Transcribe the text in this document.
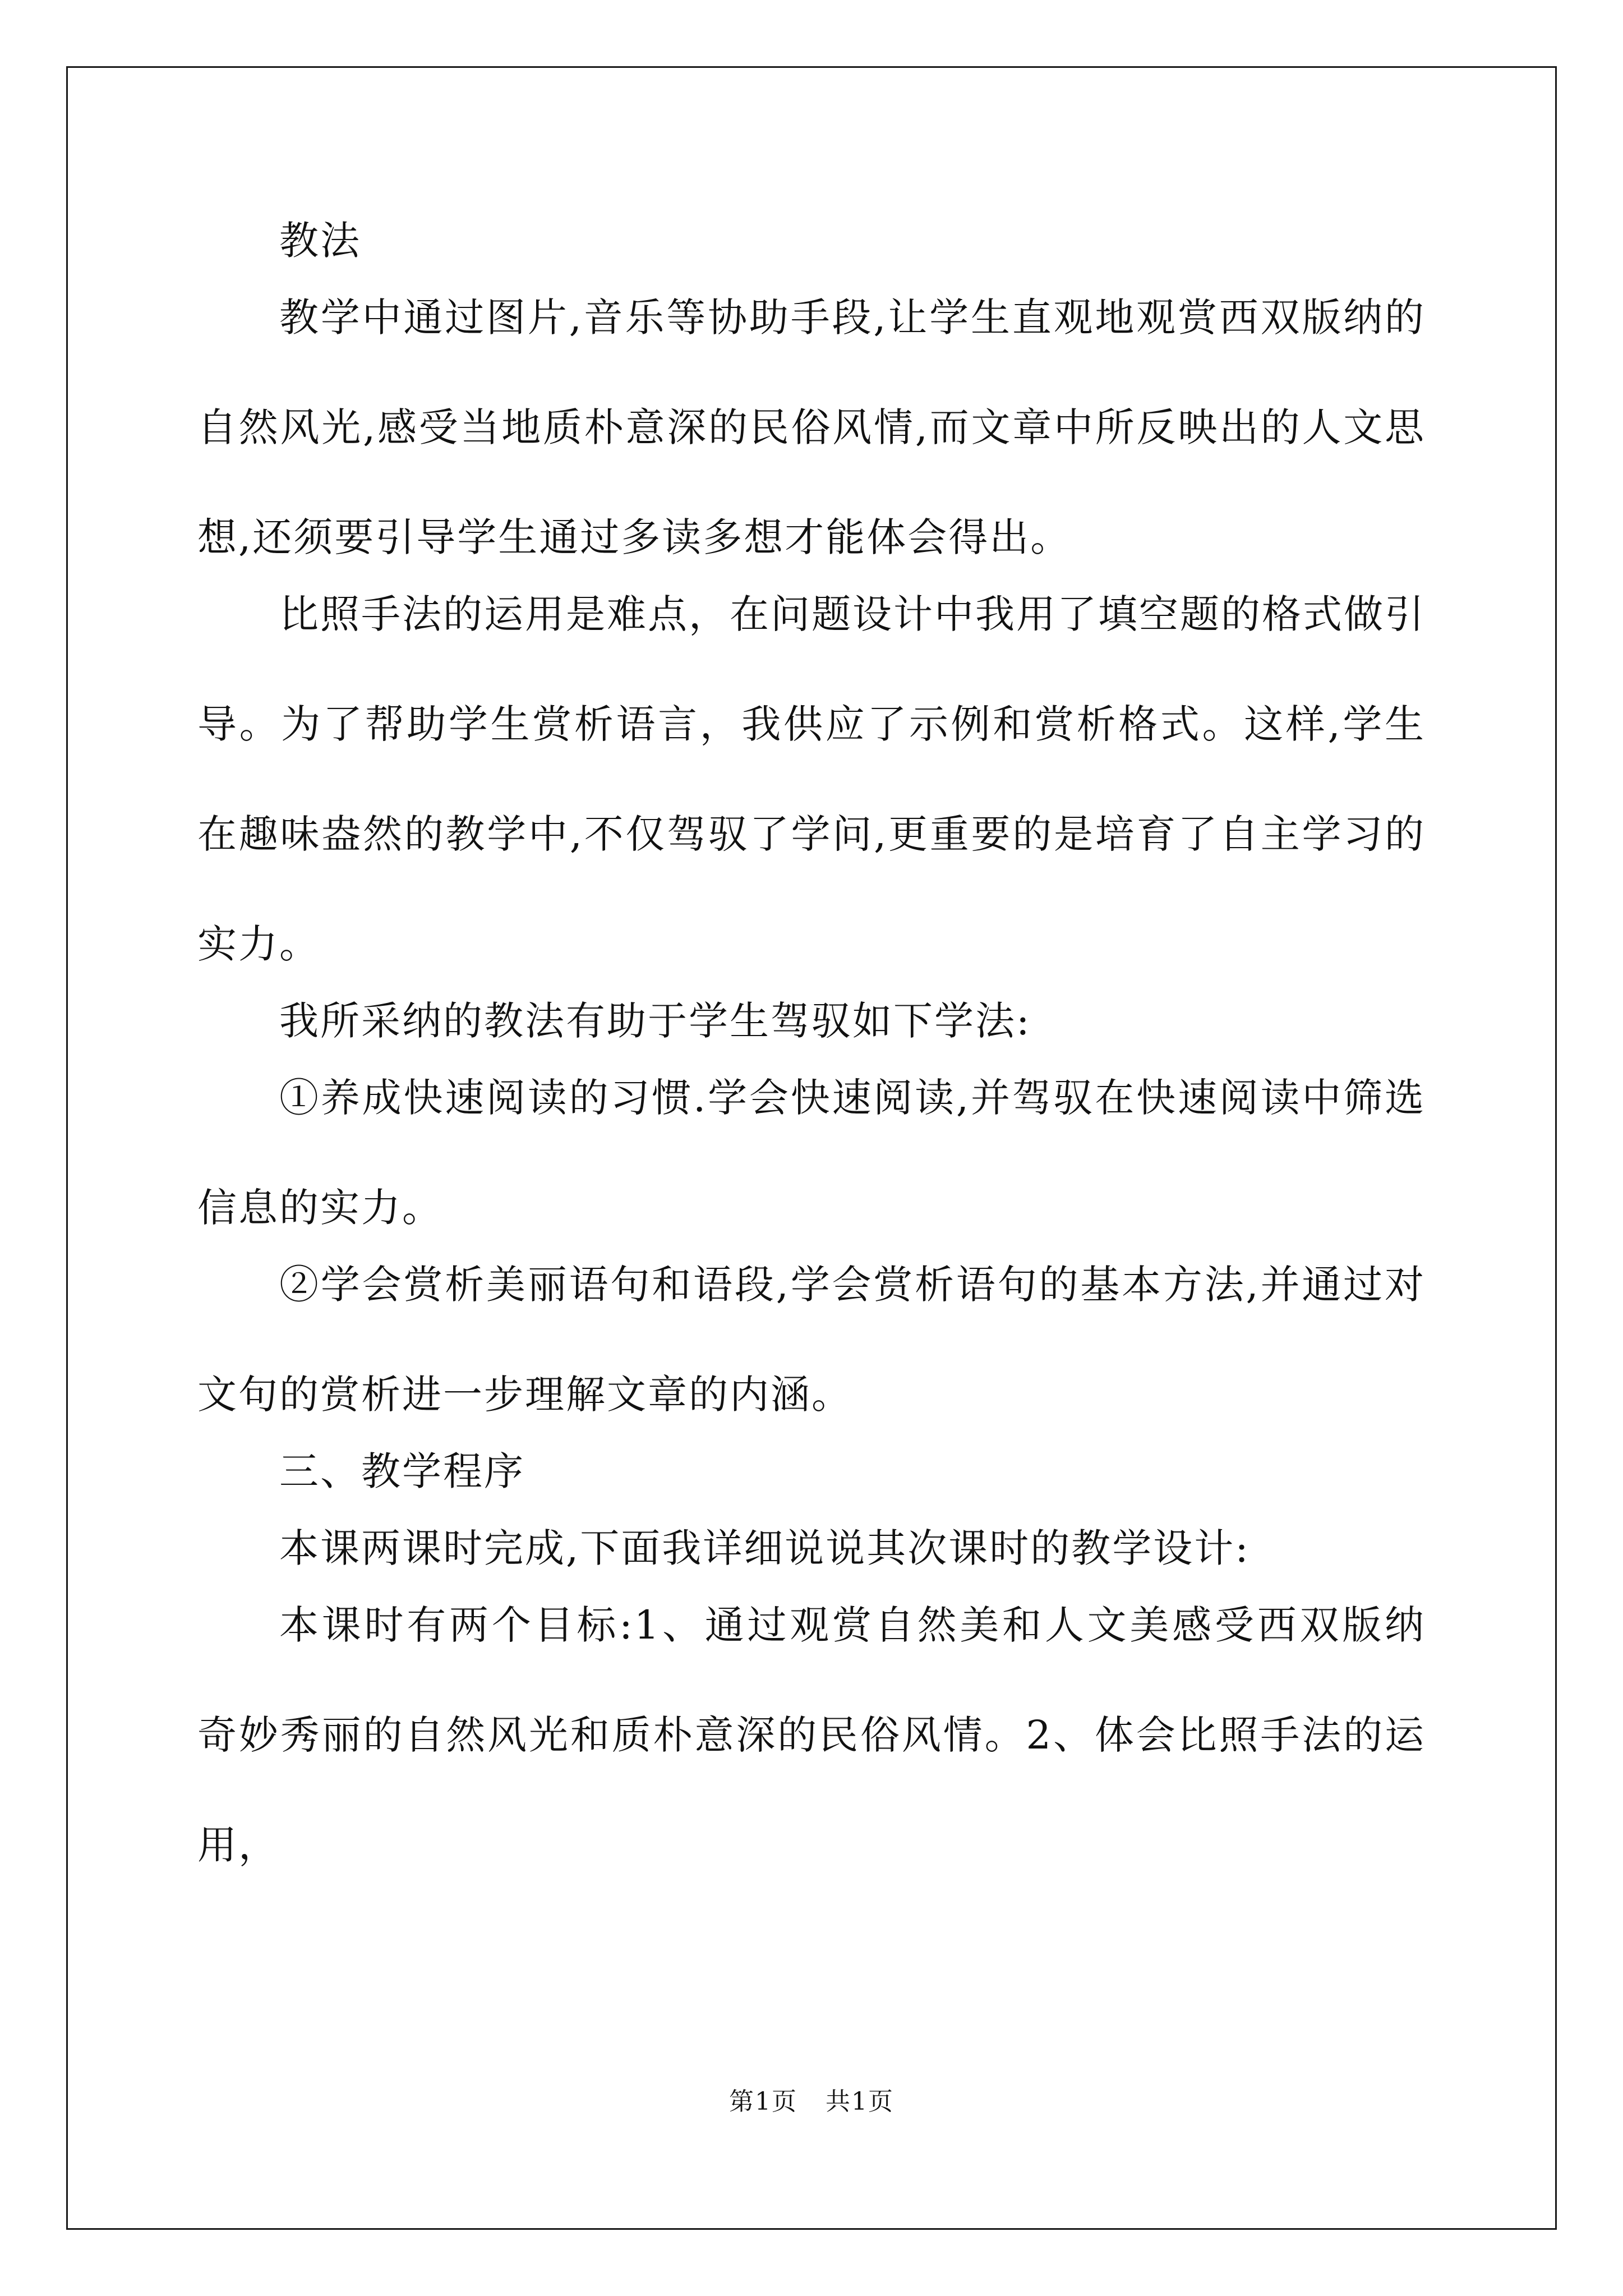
教法

教学中通过图片,音乐等协助手段,让学生直观地观赏西双版纳的自然风光,感受当地质朴意深的民俗风情,而文章中所反映出的人文思想,还须要引导学生通过多读多想才能体会得出。

比照手法的运用是难点，在问题设计中我用了填空题的格式做引导。为了帮助学生赏析语言，我供应了示例和赏析格式。这样,学生在趣味盎然的教学中,不仅驾驭了学问,更重要的是培育了自主学习的实力。

我所采纳的教法有助于学生驾驭如下学法:

①养成快速阅读的习惯.学会快速阅读,并驾驭在快速阅读中筛选信息的实力。

②学会赏析美丽语句和语段,学会赏析语句的基本方法,并通过对文句的赏析进一步理解文章的内涵。

三、教学程序

本课两课时完成,下面我详细说说其次课时的教学设计:

本课时有两个目标:1、通过观赏自然美和人文美感受西双版纳奇妙秀丽的自然风光和质朴意深的民俗风情。2、体会比照手法的运用，

第1页 共1页
